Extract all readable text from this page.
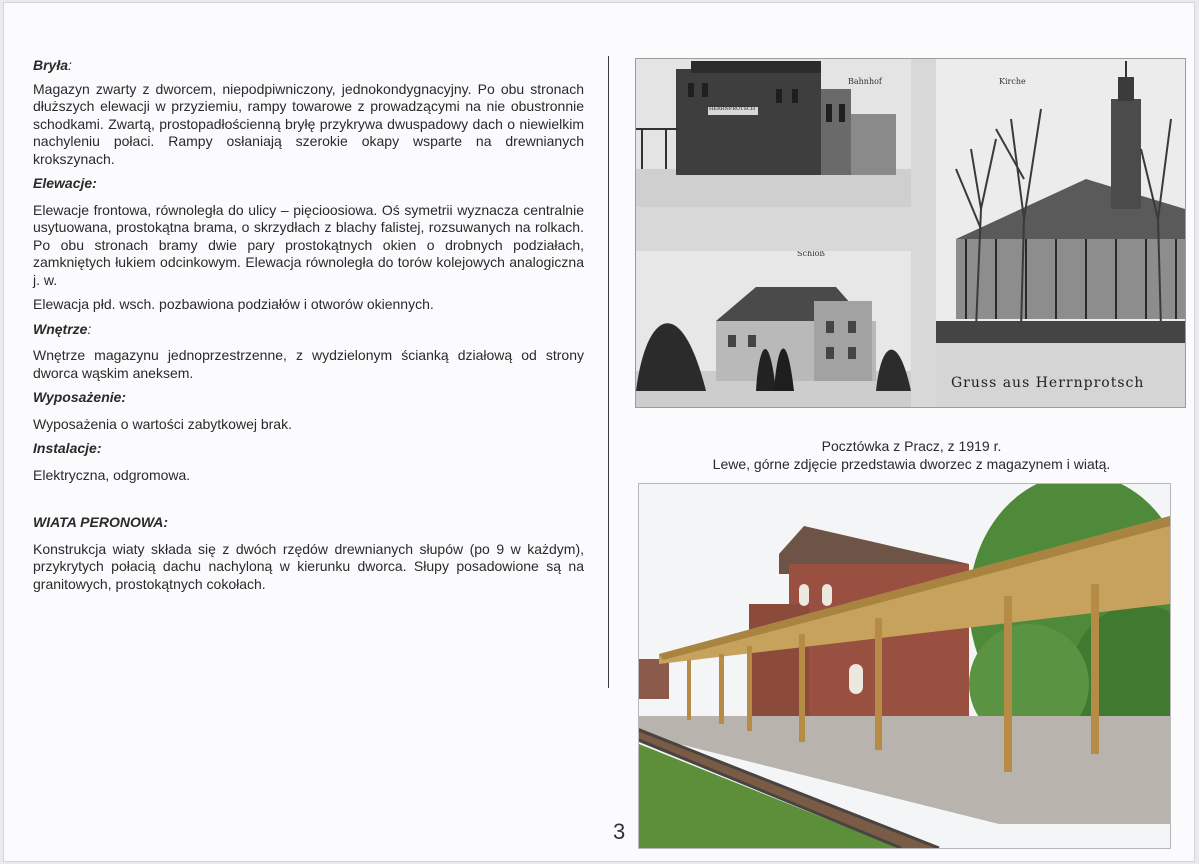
Bryła:

Magazyn zwarty z dworcem, niepodpiwniczony, jednokondygnacyjny. Po obu stronach dłuższych elewacji w przyziemiu, rampy towarowe z prowadzącymi na nie obustronnie schodkami. Zwartą, prostopadłościenną bryłę przykrywa dwuspadowy dach o niewielkim nachyleniu połaci. Rampy osłaniają szerokie okapy wsparte na drewnianych krokszynach.

Elewacje:

Elewacje frontowa, równoległa do ulicy – pięcioosiowa. Oś symetrii wyznacza centralnie usytuowana, prostokątna brama, o skrzydłach z blachy falistej, rozsuwanych na rolkach. Po obu stronach bramy dwie pary prostokątnych okien o drobnych podziałach, zamkniętych łukiem odcinkowym. Elewacja równoległa do torów kolejowych analogiczna j. w.

Elewacja płd. wsch. pozbawiona podziałów i otworów okiennych.

Wnętrze:

Wnętrze magazynu jednoprzestrzenne, z wydzielonym ścianką działową od strony dworca wąskim aneksem.

Wyposażenie:

Wyposażenia o wartości zabytkowej brak.

Instalacje:

Elektryczna, odgromowa.

WIATA PERONOWA:

Konstrukcja wiaty składa się z dwóch rzędów drewnianych słupów (po 9 w każdym), przykrytych połacią dachu nachyloną w kierunku dworca. Słupy posadowione są na granitowych, prostokątnych cokołach.

3
Bahnhof
HERRNPROTSCH
Schloß
Kirche
Gruss aus Herrnprotsch
Pocztówka z Pracz, z 1919 r.
Lewe, górne zdjęcie przedstawia dworzec z magazynem i wiatą.
